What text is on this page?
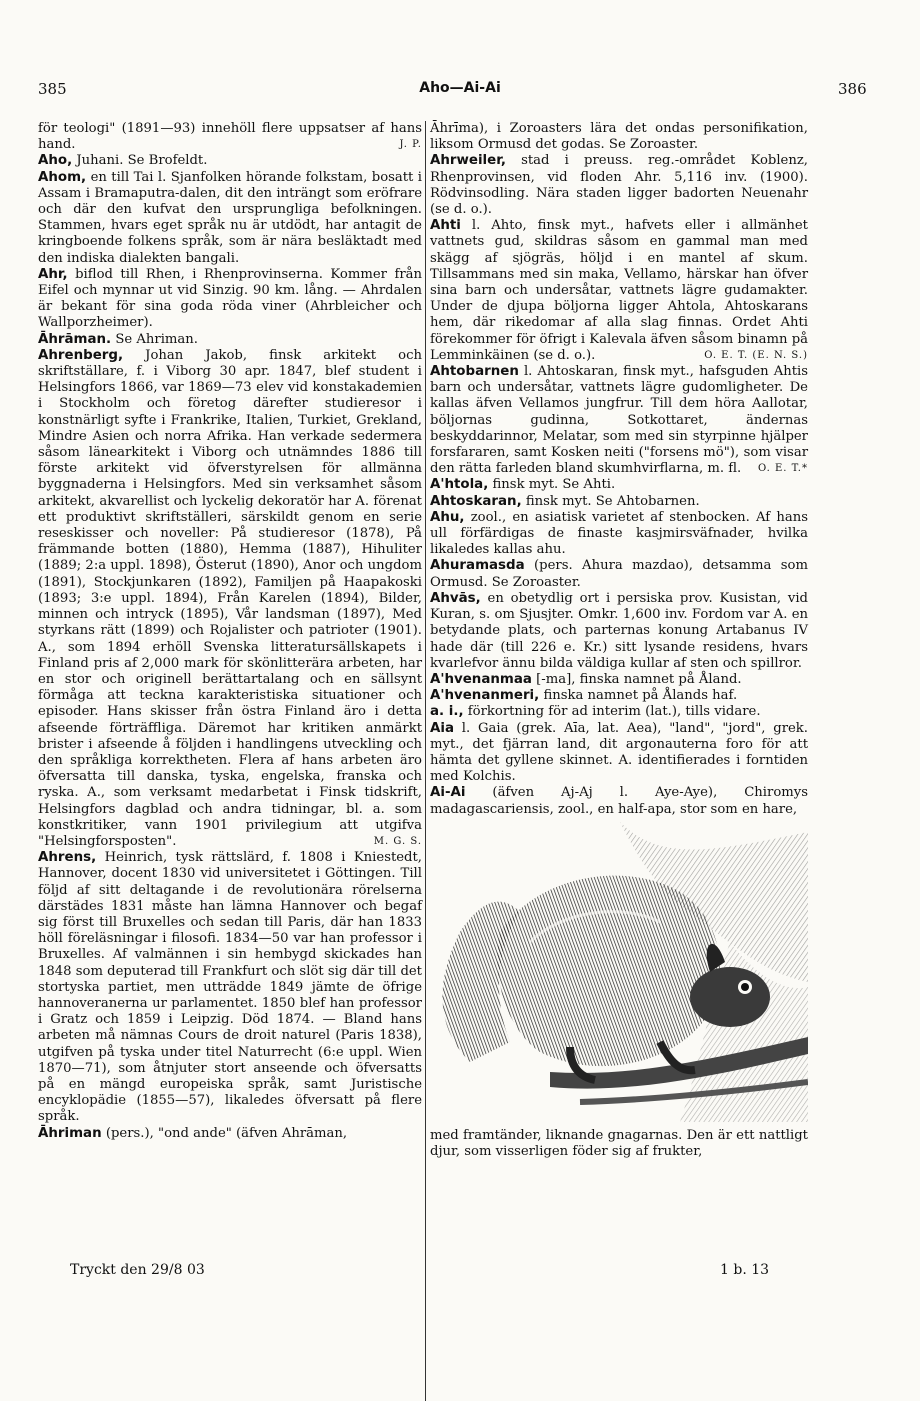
385	Aho—Ai-Ai	386

för teologi" (1891—93) innehöll flere uppsatser af hans hand.	J. P.

Aho, Juhani. Se Brofeldt.

Ahom, en till Tai l. Sjanfolken hörande folkstam, bosatt i Assam i Bramaputra-dalen, dit den inträngt som eröfrare och där den kufvat den ursprungliga befolkningen. Stammen, hvars eget språk nu är utdödt, har antagit de kringboende folkens språk, som är nära besläktadt med den indiska dialekten bangali.

Ahr, biflod till Rhen, i Rhenprovinserna. Kommer från Eifel och mynnar ut vid Sinzig. 90 km. lång. — Ahrdalen är bekant för sina goda röda viner (Ahrbleicher och Wallporzheimer).

Āhrāman. Se Ahriman.

Ahrenberg, Johan Jakob, finsk arkitekt och skriftställare, f. i Viborg 30 apr. 1847, blef student i Helsingfors 1866, var 1869—73 elev vid konstakademien i Stockholm och företog därefter studieresor i konstnärligt syfte i Frankrike, Italien, Turkiet, Grekland, Mindre Asien och norra Afrika. Han verkade sedermera såsom länearkitekt i Viborg och utnämndes 1886 till förste arkitekt vid öfverstyrelsen för allmänna byggnaderna i Helsingfors. Med sin verksamhet såsom arkitekt, akvarellist och lyckelig dekoratör har A. förenat ett produktivt skriftställeri, särskildt genom en serie reseskisser och noveller: På studieresor (1878), På främmande botten (1880), Hemma (1887), Hihuliter (1889; 2:a uppl. 1898), Österut (1890), Anor och ungdom (1891), Stockjunkaren (1892), Familjen på Haapakoski (1893; 3:e uppl. 1894), Från Karelen (1894), Bilder, minnen och intryck (1895), Vår landsman (1897), Med styrkans rätt (1899) och Rojalister och patrioter (1901). A., som 1894 erhöll Svenska litteratursällskapets i Finland pris af 2,000 mark för skönlitterära arbeten, har en stor och originell berättartalang och en sällsynt förmåga att teckna karakteristiska situationer och episoder. Hans skisser från östra Finland äro i detta afseende förträffliga. Däremot har kritiken anmärkt brister i afseende å följden i handlingens utveckling och den språkliga korrektheten. Flera af hans arbeten äro öfversatta till danska, tyska, engelska, franska och ryska. A., som verksamt medarbetat i Finsk tidskrift, Helsingfors dagblad och andra tidningar, bl. a. som konstkritiker, vann 1901 privilegium att utgifva "Helsingforsposten".	M. G. S.

Ahrens, Heinrich, tysk rättslärd, f. 1808 i Kniestedt, Hannover, docent 1830 vid universitetet i Göttingen. Till följd af sitt deltagande i de revolutionära rörelserna därstädes 1831 måste han lämna Hannover och begaf sig först till Bruxelles och sedan till Paris, där han 1833 höll föreläsningar i filosofi. 1834—50 var han professor i Bruxelles. Af valmännen i sin hembygd skickades han 1848 som deputerad till Frankfurt och slöt sig där till det stortyska partiet, men utträdde 1849 jämte de öfrige hannoveranerna ur parlamentet. 1850 blef han professor i Gratz och 1859 i Leipzig. Död 1874. — Bland hans arbeten må nämnas Cours de droit naturel (Paris 1838), utgifven på tyska under titel Naturrecht (6:e uppl. Wien 1870—71), som åtnjuter stort anseende och öfversatts på en mängd europeiska språk, samt Juristische encyklopädie (1855—57), likaledes öfversatt på flere språk.

Āhriman (pers.), "ond ande" (äfven Ahrāman,

Āhrīma), i Zoroasters lära det ondas personifikation, liksom Ormusd det godas. Se Zoroaster.

Ahrweiler, stad i preuss. reg.-området Koblenz, Rhenprovinsen, vid floden Ahr. 5,116 inv. (1900). Rödvinsodling. Nära staden ligger badorten Neuenahr (se d. o.).

Ahti l. Ahto, finsk myt., hafvets eller i allmänhet vattnets gud, skildras såsom en gammal man med skägg af sjögräs, höljd i en mantel af skum. Tillsammans med sin maka, Vellamo, härskar han öfver sina barn och undersåtar, vattnets lägre gudamakter. Under de djupa böljorna ligger Ahtola, Ahtoskarans hem, där rikedomar af alla slag finnas. Ordet Ahti förekommer för öfrigt i Kalevala äfven såsom binamn på Lemminkäinen (se d. o.).	O. E. T. (E. N. S.)

Ahtobarnen l. Ahtoskaran, finsk myt., hafsguden Ahtis barn och undersåtar, vattnets lägre gudomligheter. De kallas äfven Vellamos jungfrur. Till dem höra Aallotar, böljornas gudinna, Sotkottaret, ändernas beskyddarinnor, Melatar, som med sin styrpinne hjälper forsfararen, samt Kosken neiti ("forsens mö"), som visar den rätta farleden bland skumhvirflarna, m. fl. O. E. T.*

A'htola, finsk myt. Se Ahti.

Ahtoskaran, finsk myt. Se Ahtobarnen.

Ahu, zool., en asiatisk varietet af stenbocken. Af hans ull förfärdigas de finaste kasjmirsväfnader, hvilka likaledes kallas ahu.

Ahuramasda (pers. Ahura mazdao), detsamma som Ormusd. Se Zoroaster.

Ahvās, en obetydlig ort i persiska prov. Kusistan, vid Kuran, s. om Sjusjter. Omkr. 1,600 inv. Fordom var A. en betydande plats, och parternas konung Artabanus IV hade där (till 226 e. Kr.) sitt lysande residens, hvars kvarlefvor ännu bilda väldiga kullar af sten och spillror.

A'hvenanmaa [-ma], finska namnet på Åland.

A'hvenanmeri, finska namnet på Ålands haf.

a. i., förkortning för ad interim (lat.), tills vidare.

Aia l. Gaia (grek. Aīa, lat. Aea), "land", "jord", grek. myt., det fjärran land, dit argonauterna foro för att hämta det gyllene skinnet. A. identifierades i forntiden med Kolchis.

Ai-Ai (äfven Aj-Aj l. Aye-Aye), Chiromys madagascariensis, zool., en half-apa, stor som en hare,

med framtänder, liknande gnagarnas. Den är ett nattligt djur, som visserligen föder sig af frukter,

Tryckt den 29/8 03	1 b. 13
